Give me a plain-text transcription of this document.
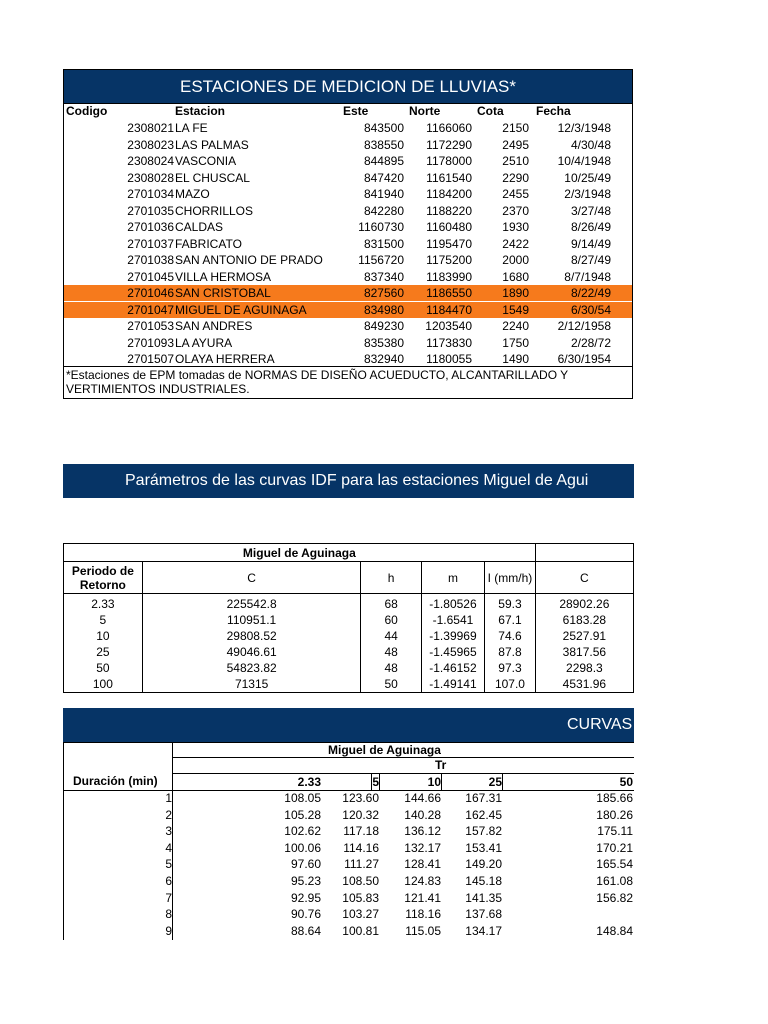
ESTACIONES DE MEDICION DE LLUVIAS*
Codigo	Estacion	Este	Norte	Cota	Fecha
2308021 LA FE	843500 1166060	2150 12/3/1948
2308023 LAS PALMAS	838550 1172290	2495	4/30/48
2308024 VASCONIA	844895 1178000	2510 10/4/1948
2308028 EL CHUSCAL	847420 1161540	2290	10/25/49
2701034 MAZO	841940 1184200	2455	2/3/1948
2701035 CHORRILLOS	842280 1188220	2370	3/27/48
2701036 CALDAS	1160730 1160480	1930	8/26/49
2701037 FABRICATO	831500 1195470	2422	9/14/49
2701038 SAN ANTONIO DE PRADO	1156720 1175200	2000	8/27/49
2701045 VILLA HERMOSA	837340 1183990	1680	8/7/1948
2701046 SAN CRISTOBAL	827560 1186550	1890	8/22/49
2701047 MIGUEL DE AGUINAGA	834980 1184470	1549	6/30/54
2701053 SAN ANDRES	849230 1203540	2240 2/12/1958
2701093 LA AYURA	835380 1173830	1750	2/28/72
2701507 OLAYA HERRERA	832940 1180055	1490 6/30/1954
*Estaciones de EPM tomadas de NORMAS DE DISEÑO ACUEDUCTO, ALCANTARILLADO Y VERTIMIENTOS INDUSTRIALES.
Parámetros de las curvas IDF para las estaciones Miguel de Agui
Miguel de Aguinaga					
Periodo de Retorno	C	h	m	I (mm/h)	C
2.33	225542.8	68	-1.80526	59.3	28902.26
5	110951.1	60	-1.6541	67.1	6183.28
10	29808.52	44	-1.39969	74.6	2527.91
25	49046.61	48	-1.45965	87.8	3817.56
50	54823.82	48	-1.46152	97.3	2298.3
100	71315	50	-1.49141	107.0	4531.96
CURVAS
Miguel de Aguinaga
Tr
Duración (min)	2.33	5	10	25	50
1	108.05 123.60 144.66 167.31	185.66
2	105.28 120.32 140.28 162.45	180.26
3	102.62 117.18 136.12 157.82	175.11
4	100.06 114.16 132.17 153.41	170.21
5	97.60 111.27 128.41 149.20	165.54
6	95.23 108.50 124.83 145.18	161.08
7	92.95 105.83 121.41 141.35	156.82
8	90.76 103.27 118.16 137.68
9	88.64 100.81 115.05 134.17	148.84
